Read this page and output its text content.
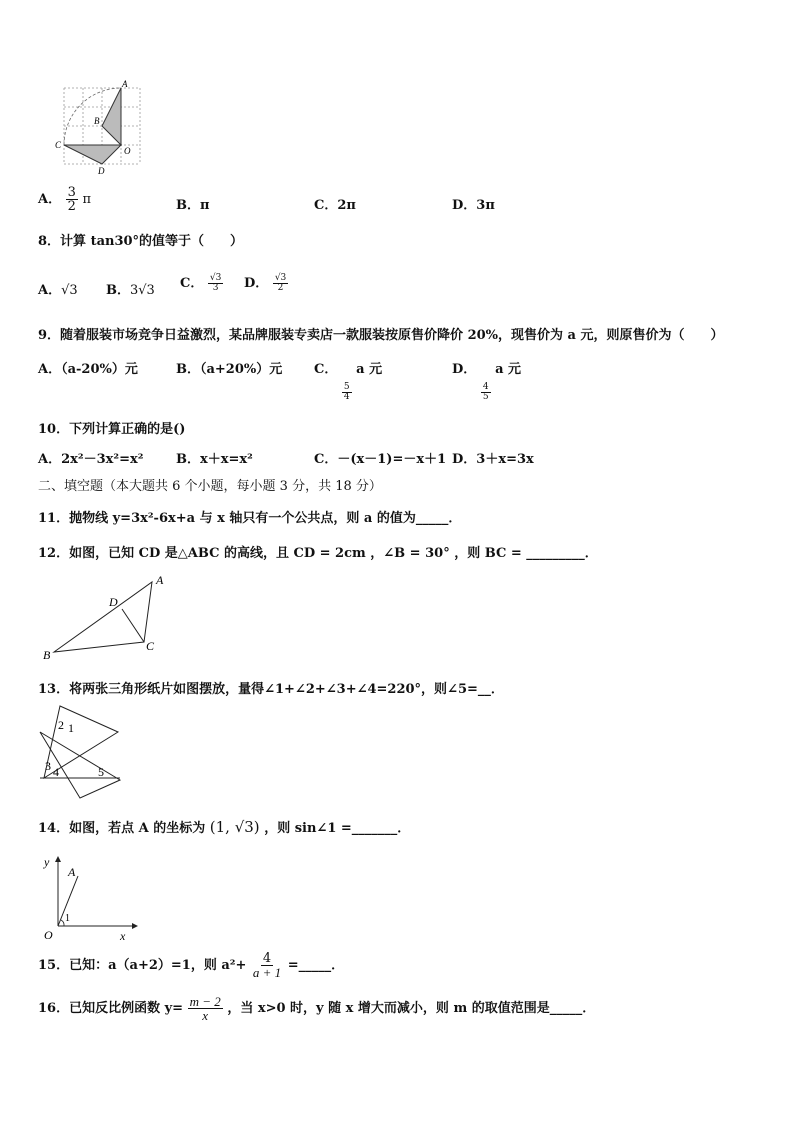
A
B
C
D
O
A． $\frac{3}{2}$ π	B．π	C．2π	D．3π
8．计算 tan30°的值等于（　　）
A．√3 B．3√3 C． $\frac{√3}{3}$ D． $\frac{√3}{2}$
9．随着服装市场竞争日益激烈，某品牌服装专卖店一款服装按原售价降价 20%，现售价为 a 元，则原售价为（　　）
A．（a-20%）元	B．（a+20%）元 C．
$\frac{5}{4}$
a 元	D．
$\frac{4}{5}$
a 元
10．下列计算正确的是()
A．2x²－3x²=x²	B．x＋x=x²	C．－(x－1)=－x＋1 D．3＋x=3x
二、填空题（本大题共 6 个小题，每小题 3 分，共 18 分）
11．抛物线 y=3x²-6x+a 与 x 轴只有一个公共点，则 a 的值为_____．
12．如图，已知 CD 是△ABC 的高线，且 CD = 2cm ，∠B = 30° ，则 BC = _________．
A
B
C
D
13．将两张三角形纸片如图摆放，量得∠1+∠2+∠3+∠4=220°，则∠5=__．
2 1
3 4	5
14．如图，若点 A 的坐标为 (1, √3) ，则 sin∠1 =_______．
y
x
O
A
1
15．已知：a（a+2）=1，则 $a^2+ \frac{4}{a + 1}$ =_____．
16．已知反比例函数 $y= \frac{m - 2}{x}$ ，当 x>0 时，y 随 x 增大而减小，则 m 的取值范围是_____．
